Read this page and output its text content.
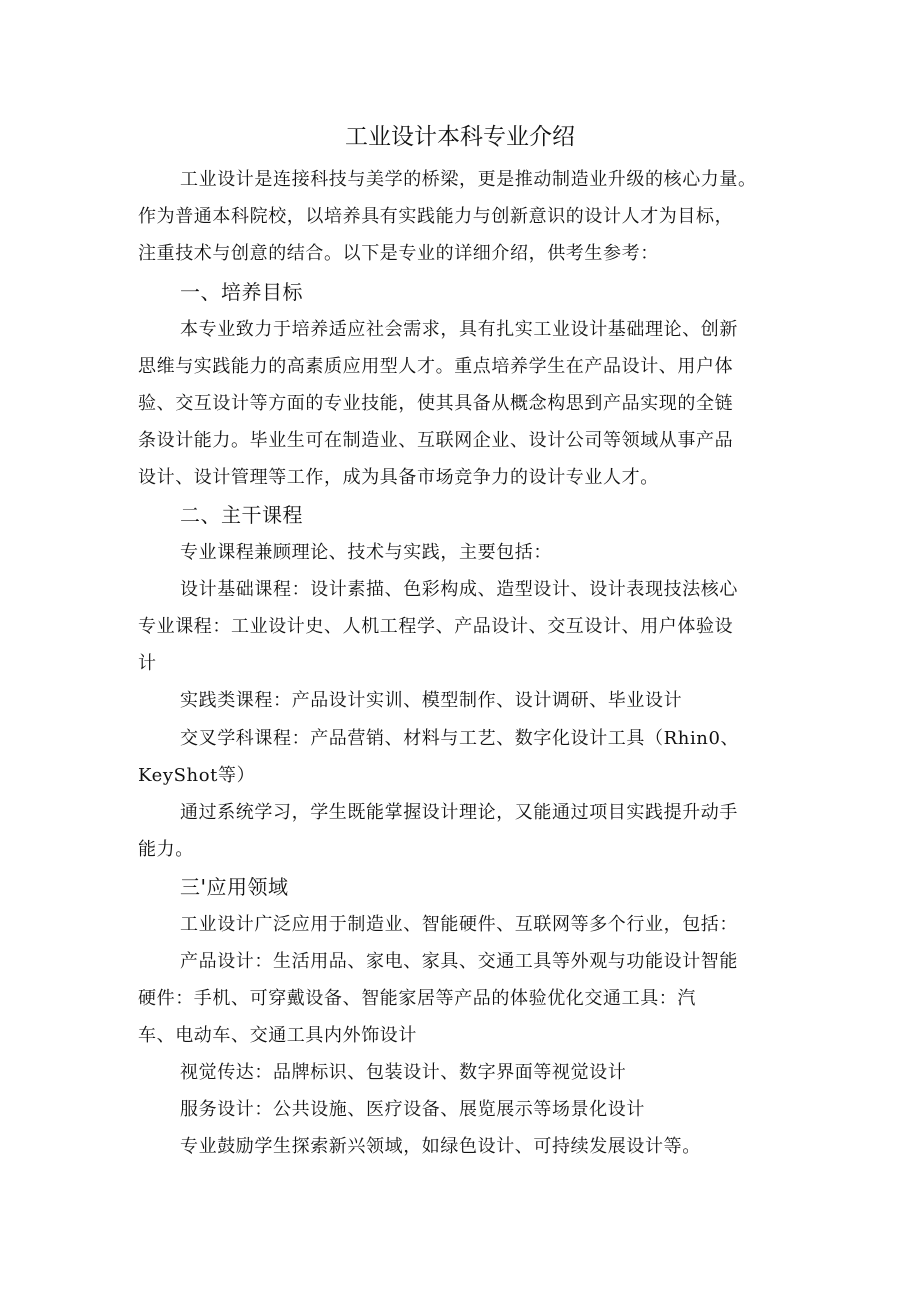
工业设计本科专业介绍
工业设计是连接科技与美学的桥梁，更是推动制造业升级的核心力量。
作为普通本科院校，以培养具有实践能力与创新意识的设计人才为目标，
注重技术与创意的结合。以下是专业的详细介绍，供考生参考：
一、培养目标
本专业致力于培养适应社会需求，具有扎实工业设计基础理论、创新
思维与实践能力的高素质应用型人才。重点培养学生在产品设计、用户体
验、交互设计等方面的专业技能，使其具备从概念构思到产品实现的全链
条设计能力。毕业生可在制造业、互联网企业、设计公司等领域从事产品
设计、设计管理等工作，成为具备市场竞争力的设计专业人才。
二、主干课程
专业课程兼顾理论、技术与实践，主要包括：
设计基础课程：设计素描、色彩构成、造型设计、设计表现技法核心
专业课程：工业设计史、人机工程学、产品设计、交互设计、用户体验设
计
实践类课程：产品设计实训、模型制作、设计调研、毕业设计
交叉学科课程：产品营销、材料与工艺、数字化设计工具（Rhin0、
KeyShot等）
通过系统学习，学生既能掌握设计理论，又能通过项目实践提升动手
能力。
三'应用领域
工业设计广泛应用于制造业、智能硬件、互联网等多个行业，包括：
产品设计：生活用品、家电、家具、交通工具等外观与功能设计智能
硬件：手机、可穿戴设备、智能家居等产品的体验优化交通工具：汽
车、电动车、交通工具内外饰设计
视觉传达：品牌标识、包装设计、数字界面等视觉设计
服务设计：公共设施、医疗设备、展览展示等场景化设计
专业鼓励学生探索新兴领域，如绿色设计、可持续发展设计等。
